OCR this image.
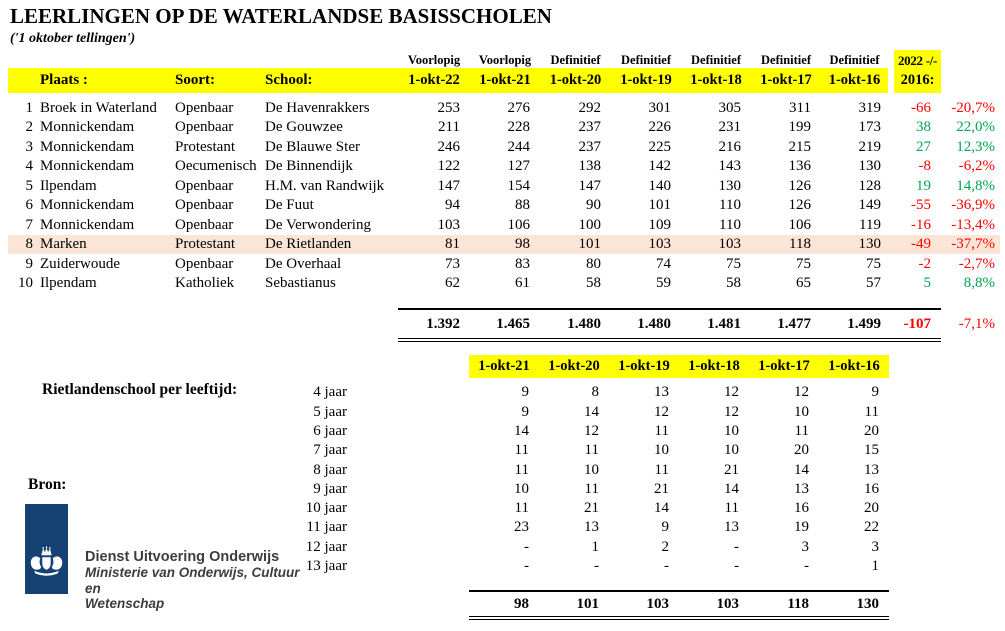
LEERLINGEN OP DE WATERLANDSE BASISSCHOLEN
('1 oktober tellingen')
				Voorlopig	Voorlopig	Definitief	Definitief	Definitief	Definitief	Definitief	2022 -/-	
	Plaats :	Soort:	School:	1-okt-22	1-okt-21	1-okt-20	1-okt-19	1-okt-18	1-okt-17	1-okt-16	2016:	

1	Broek in Waterland	Openbaar	De Havenrakkers	253	276	292	301	305	311	319	-66	-20,7%
2	Monnickendam	Openbaar	De Gouwzee	211	228	237	226	231	199	173	38	22,0%
3	Monnickendam	Protestant	De Blauwe Ster	246	244	237	225	216	215	219	27	12,3%
4	Monnickendam	Oecumenisch	De Binnendijk	122	127	138	142	143	136	130	-8	-6,2%
5	Ilpendam	Openbaar	H.M. van Randwijk	147	154	147	140	130	126	128	19	14,8%
6	Monnickendam	Openbaar	De Fuut	94	88	90	101	110	126	149	-55	-36,9%
7	Monnickendam	Openbaar	De Verwondering	103	106	100	109	110	106	119	-16	-13,4%
8	Marken	Protestant	De Rietlanden	81	98	101	103	103	118	130	-49	-37,7%
9	Zuiderwoude	Openbaar	De Overhaal	73	83	80	74	75	75	75	-2	-2,7%
10	Ilpendam	Katholiek	Sebastianus	62	61	58	59	58	65	57	5	8,8%

				1.392	1.465	1.480	1.480	1.481	1.477	1.499	-107	-7,1%
Rietlandenschool per leeftijd:
		1-okt-21	1-okt-20	1-okt-19	1-okt-18	1-okt-17	1-okt-16

4 jaar		9	8	13	12	12	9
5 jaar		9	14	12	12	10	11
6 jaar		14	12	11	10	11	20
7 jaar		11	11	10	10	20	15
8 jaar		11	10	11	21	14	13
9 jaar		10	11	21	14	13	16
10 jaar		11	21	14	11	16	20
11 jaar		23	13	9	13	19	22
12 jaar		-	1	2	-	3	3
13 jaar		-	-	-	-	-	1

		98	101	103	103	118	130
Bron:
Dienst Uitvoering Onderwijs
Ministerie van Onderwijs, Cultuur en
Wetenschap
